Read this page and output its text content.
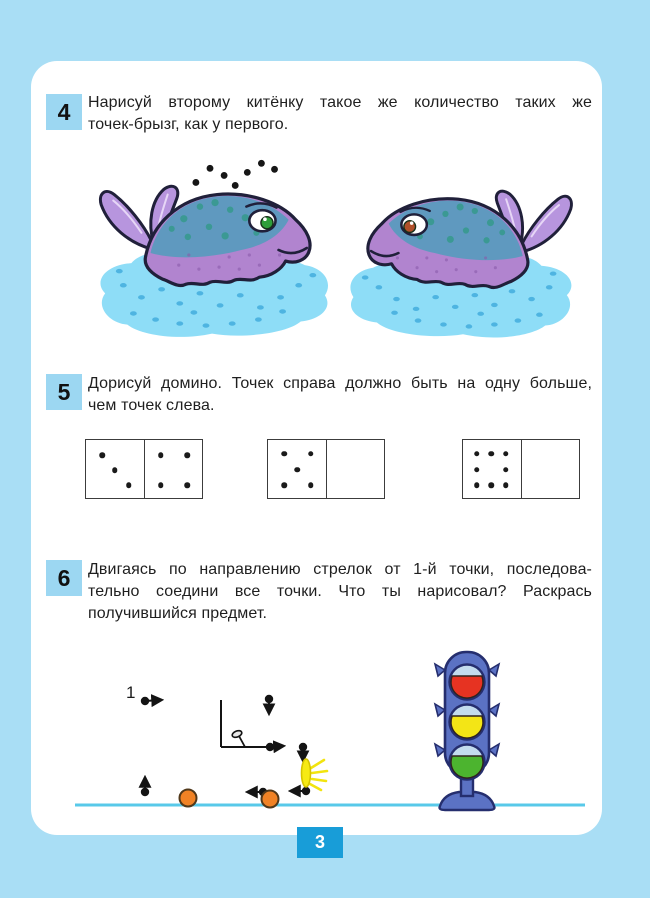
4 Нарисуй второму китёнку такое же количество таких же
точек-брызг, как у первого.
5 Дорисуй домино. Точек справа должно быть на одну больше,
чем точек слева.
6 Двигаясь по направлению стрелок от 1-й точки, последова-
тельно соедини все точки. Что ты нарисовал? Раскрась
получившийся предмет.
1
3
